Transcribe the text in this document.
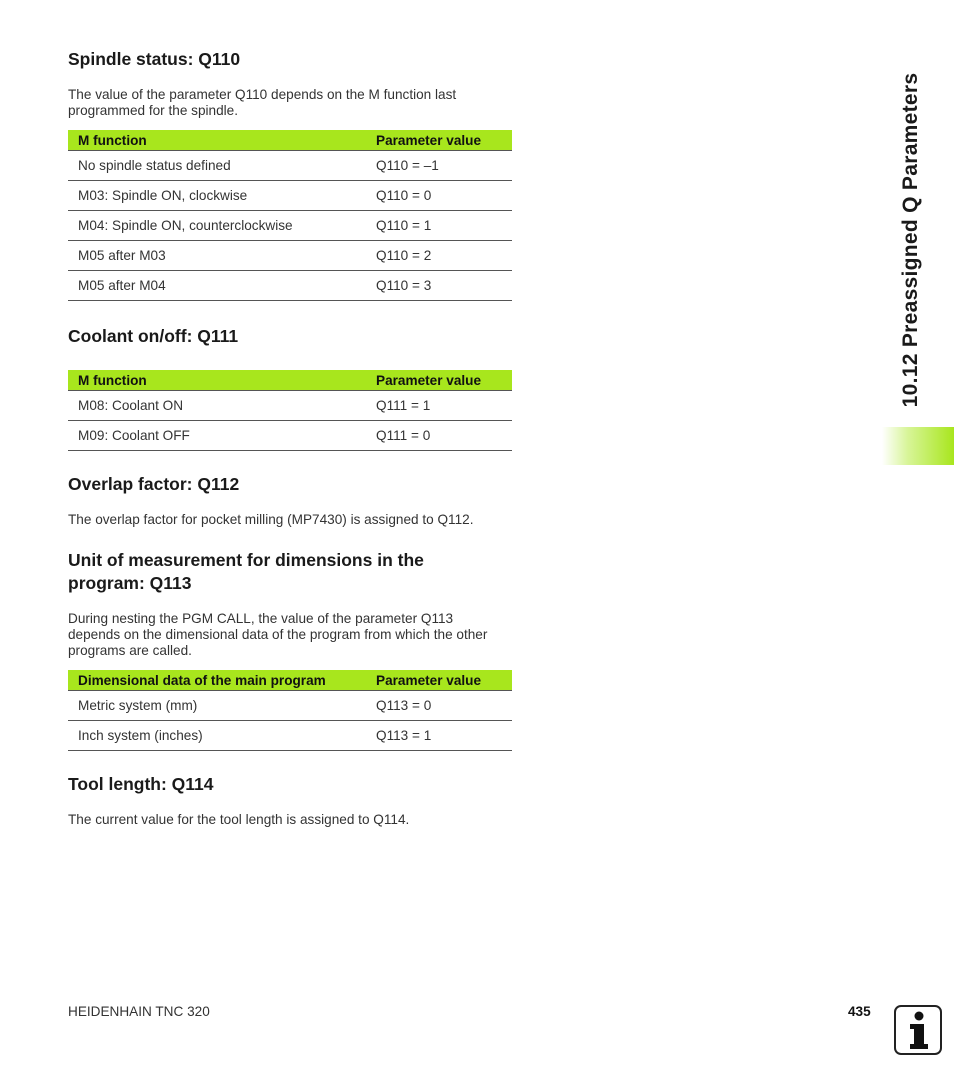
Spindle status: Q110

The value of the parameter Q110 depends on the M function last programmed for the spindle.

M function	Parameter value
No spindle status defined	Q110 = –1
M03: Spindle ON, clockwise	Q110 = 0
M04: Spindle ON, counterclockwise	Q110 = 1
M05 after M03	Q110 = 2
M05 after M04	Q110 = 3
Coolant on/off: Q111
M function	Parameter value
M08: Coolant ON	Q111 = 1
M09: Coolant OFF	Q111 = 0
Overlap factor: Q112

The overlap factor for pocket milling (MP7430) is assigned to Q112.

Unit of measurement for dimensions in the
program: Q113

During nesting the PGM CALL, the value of the parameter Q113

depends on the dimensional data of the program from which the other

programs are called.

Dimensional data of the main program	Parameter value
Metric system (mm)	Q113 = 0
Inch system (inches)	Q113 = 1
Tool length: Q114

The current value for the tool length is assigned to Q114.

10.12 Preassigned Q Parameters
HEIDENHAIN TNC 320	435
